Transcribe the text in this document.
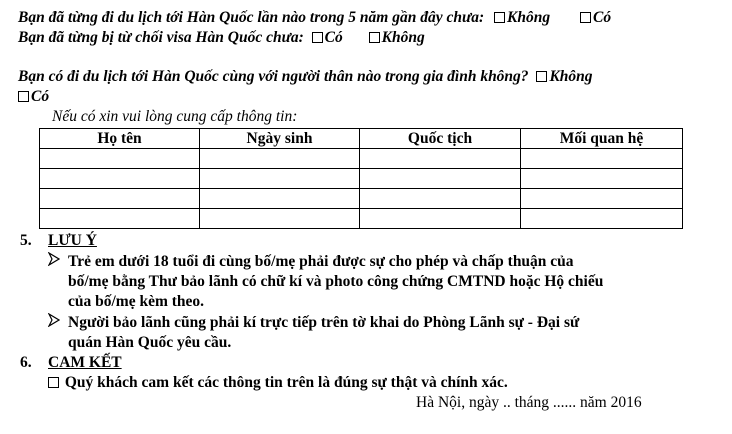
Bạn đã từng đi du lịch tới Hàn Quốc lần nào trong 5 năm gần đây chưa: Không	Có
Bạn đã từng bị từ chối visa Hàn Quốc chưa: Có	Không
Bạn có đi du lịch tới Hàn Quốc cùng với người thân nào trong gia đình không? Không
Có
Nếu có xin vui lòng cung cấp thông tin:
Họ tên	Ngày sinh	Quốc tịch	Mối quan hệ

5. LƯU Ý
Trẻ em dưới 18 tuổi đi cùng bố/mẹ phải được sự cho phép và chấp thuận của
bố/mẹ bằng Thư bảo lãnh có chữ kí và photo công chứng CMTND hoặc Hộ chiếu
của bố/mẹ kèm theo.
Người bảo lãnh cũng phải kí trực tiếp trên tờ khai do Phòng Lãnh sự - Đại sứ
quán Hàn Quốc yêu cầu.
6. CAM KẾT
Quý khách cam kết các thông tin trên là đúng sự thật và chính xác.
Hà Nội, ngày .. tháng ...... năm 2016
